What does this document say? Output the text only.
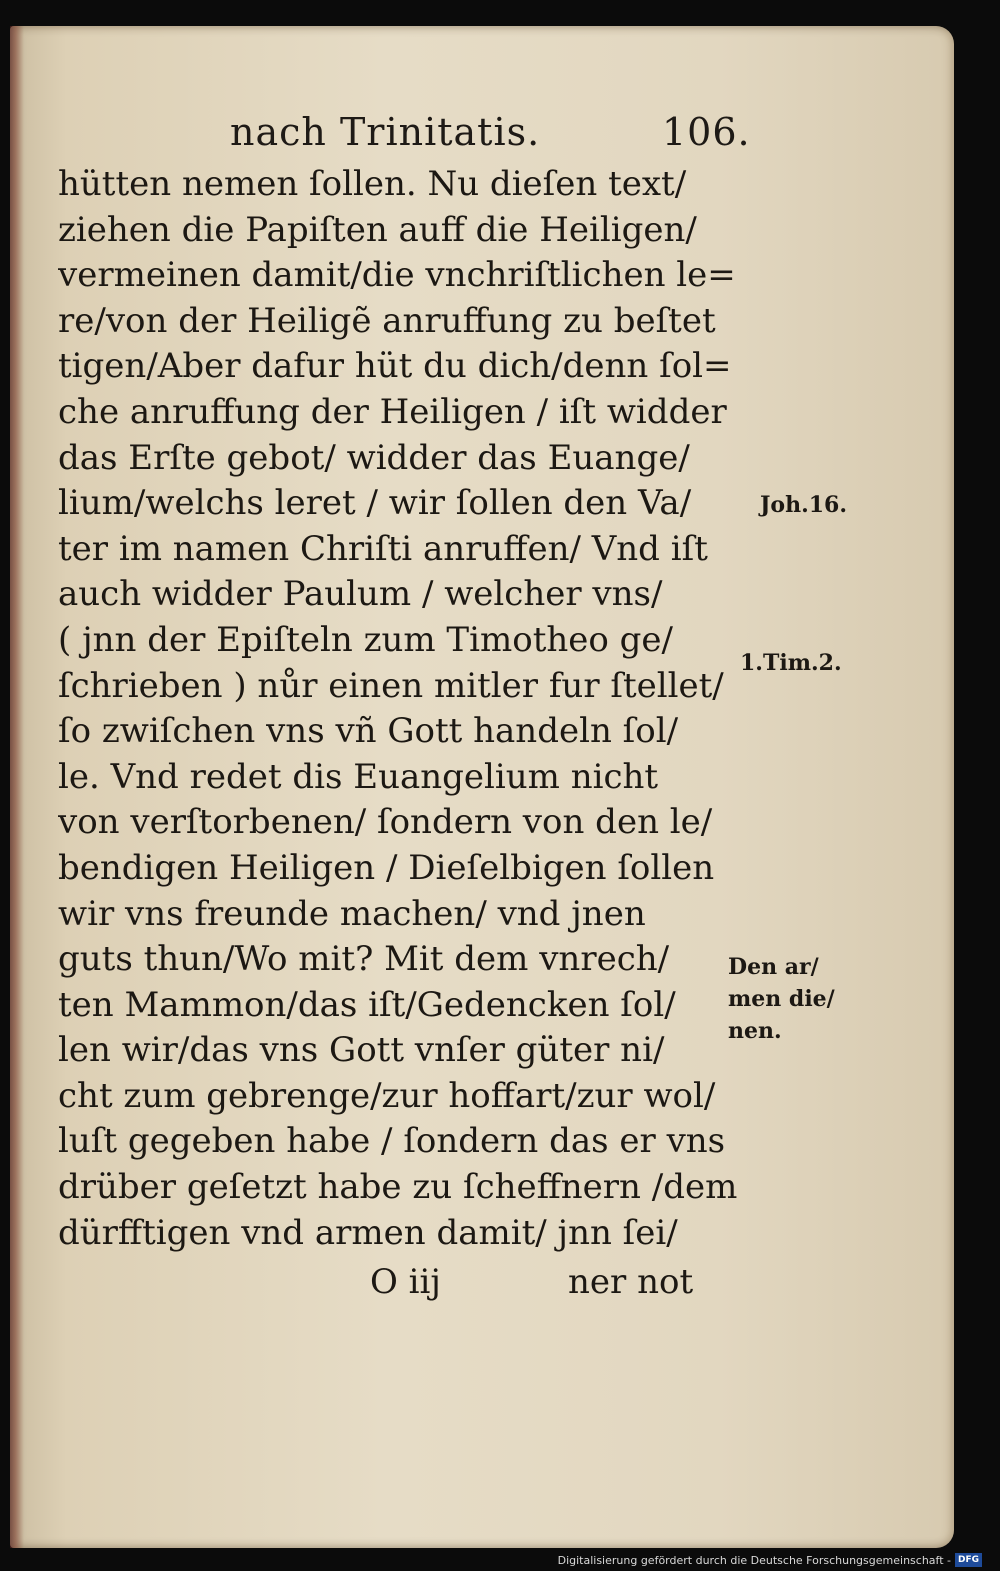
nach Trinitatis.	106.
hütten nemen ſollen. Nu dieſen text/
ziehen die Papiſten auff die Heiligen/
vermeinen damit/die vnchriſtlichen le=
re/von der Heiligẽ anruffung zu beſtet
tigen/Aber dafur hüt du dich/denn ſol=
che anruffung der Heiligen / iſt widder
das Erſte gebot/ widder das Euange/
lium/welchs leret / wir ſollen den Va/
ter im namen Chriſti anruffen/ Vnd iſt
auch widder Paulum / welcher vns/
( jnn der Epiſteln zum Timotheo ge/
ſchrieben ) nůr einen mitler fur ſtellet/
ſo zwiſchen vns vñ Gott handeln ſol/
le. Vnd redet dis Euangelium nicht
von verſtorbenen/ ſondern von den le/
bendigen Heiligen / Dieſelbigen ſollen
wir vns freunde machen/ vnd jnen
guts thun/Wo mit? Mit dem vnrech/
ten Mammon/das iſt/Gedencken ſol/
len wir/das vns Gott vnſer güter ni/
cht zum gebrenge/zur hoffart/zur wol/
luſt gegeben habe / ſondern das er vns
drüber geſetzt habe zu ſcheffnern /dem
dürfftigen vnd armen damit/ jnn ſei/
O iij	ner not
Joh.16.
1.Tim.2.
Den ar/
men die/
nen.
Digitalisierung gefördert durch die Deutsche Forschungsgemeinschaft - DFG
